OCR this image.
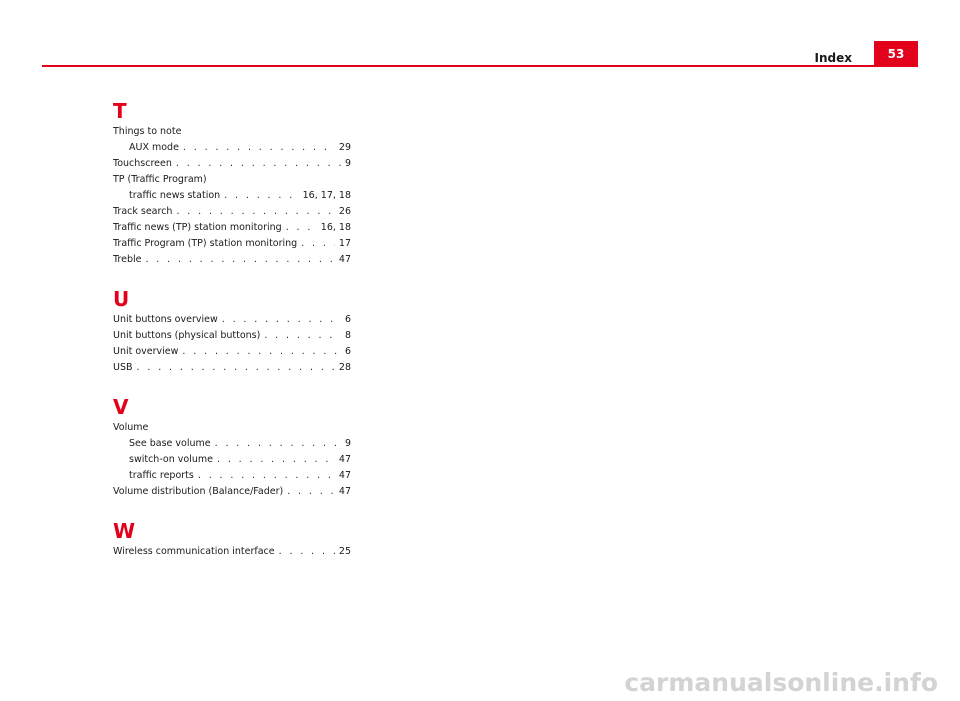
Index	53
T
Things to note
AUX mode . . .	29
Touchscreen . . .	9
TP (Traffic Program)
traffic news station . . .	16, 17, 18
Track search . . .	26
Traffic news (TP) station monitoring . . .	16, 18
Traffic Program (TP) station monitoring . . .	17
Treble . . .	47
U
Unit buttons overview . . .	6
Unit buttons (physical buttons) . . .	8
Unit overview . . .	6
USB . . .	28
V
Volume
See base volume . . .	9
switch-on volume . . .	47
traffic reports . . .	47
Volume distribution (Balance/Fader) . . .	47
W
Wireless communication interface . . .	25
carmanualsonline.info
